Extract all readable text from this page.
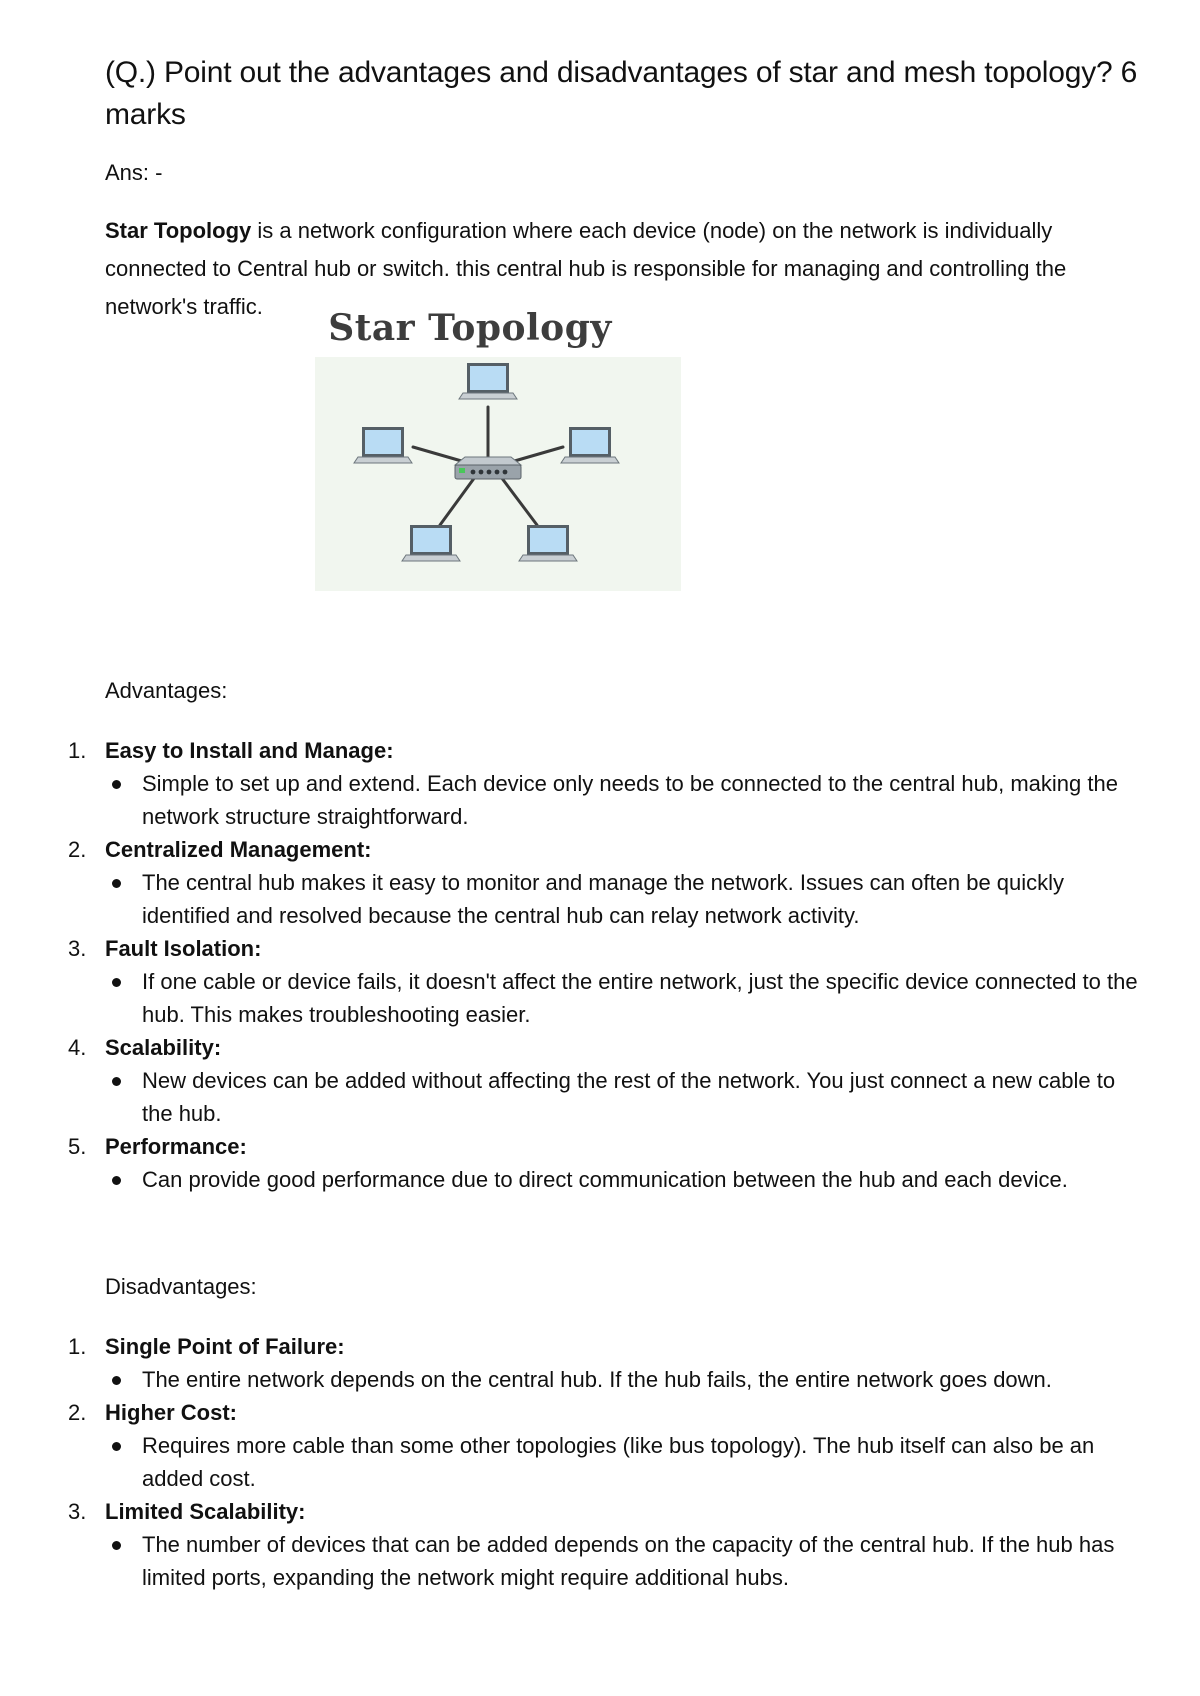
(Q.) Point out the advantages and disadvantages of star and mesh topology? 6 marks

Ans: -

Star Topology is a network configuration where each device (node) on the network is individually connected to Central hub or switch. this central hub is responsible for managing and controlling the network's traffic.

Star Topology
Advantages:
1. Easy to Install and Manage:
Simple to set up and extend. Each device only needs to be connected to the central hub, making the network structure straightforward.
2. Centralized Management:
The central hub makes it easy to monitor and manage the network. Issues can often be quickly identified and resolved because the central hub can relay network activity.
3. Fault Isolation:
If one cable or device fails, it doesn't affect the entire network, just the specific device connected to the hub. This makes troubleshooting easier.
4. Scalability:
New devices can be added without affecting the rest of the network. You just connect a new cable to the hub.
5. Performance:
Can provide good performance due to direct communication between the hub and each device.
Disadvantages:
1. Single Point of Failure:
The entire network depends on the central hub. If the hub fails, the entire network goes down.
2. Higher Cost:
Requires more cable than some other topologies (like bus topology). The hub itself can also be an added cost.
3. Limited Scalability:
The number of devices that can be added depends on the capacity of the central hub. If the hub has limited ports, expanding the network might require additional hubs.
